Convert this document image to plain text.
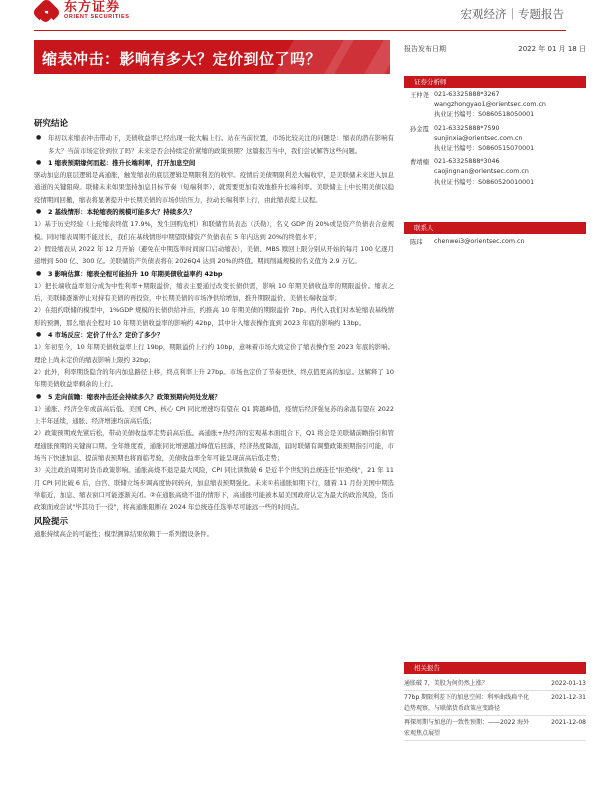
东方证券
ORIENT SECURITIES	宏观经济｜专题报告
缩表冲击：影响有多大？定价到位了吗？
报告发布日期	2022 年 01 月 18 日
证券分析师
王仲尧 021-63325888*3267
wangzhongyao1@orientsec.com.cn
执业证书编号：S0860518050001
孙金霞 021-63325888*7590
sunjinxia@orientsec.com.cn
执业证书编号：S0860515070001
曹靖楠 021-63325888*3046
caojingnan@orientsec.com.cn
执业证书编号：S0860520010001
联系人
陈玮	chenwei3@orientsec.com.cn
研究结论
●	年初以来缩表冲击带动下，美债收益率已经出现一轮大幅上行。站在当前位置，市场比较关注的问题是：缩表的潜在影响有多大？当前市场定价到位了吗？未来是否会持续定价紧缩的政策预期？这篇报告当中，我们尝试解答这些问题。
●	1 缩表预期缘何而起：推升长端利率，打开加息空间
驱动加息的底层逻辑是高通胀，触发缩表的底层逻辑是期限利差的收窄。疫情后美债期限利差大幅收窄，是美联储未来进入加息通道的关键阻碍。联储未来如果坚持加息目标节奏（短端利率），就需要更加有效地推升长端利率。美联储主上中长期美债以稳疫情期间回撤，缩表将显著提升中长期美债的市场供给压力，拉动长端利率上行，由此缩表提上议程。
●	2 基线情形：本轮缩表的规模可能多大？持续多久？
1）基于历史经验（上轮缩表终值 17.9%，发生回购危机）和联储官员表态（沃勒），名义 GDP 的 20%或是资产负债表合意规模。同时缩表周期不能过长，我们在基线情形中期望联储资产负债表在 5 年内达到 20%的终值水平；
2）假设缩表从 2022 年 12 月开始（避免在中期选举时间窗口启动缩表），美债、MBS 赎回上限分别从开始的每月 100 亿逐月递增到 500 亿、300 亿。美联储资产负债表将在 2026Q4 达到 20%的终值。期间削减规模的名义值为 2.9 万亿。
●	3 影响估算：缩表全程可能抬升 10 年期美债收益率约 42bp
1）把长端收益率划分成为中性利率+期限溢价，缩表主要通过改变长债供需，影响 10 年期美债收益率的期限溢价。缩表之后，美联储逐渐停止对持有美债的再投资，中长期美债的市场净供给增加，推升期限溢价、美债长端收益率；
2）在组约联储的模型中，1%GDP 规模的长债供给冲击，约推高 10 年期美债的期限溢价 7bp。再代入我们对本轮缩表基线情形的预测，那么缩表全程对 10 年期美债收益率的影响约 42bp，其中计入缩表操作直到 2023 年底的影响约 13bp。
●	4 市场反应：定价了什么？定价了多少？
1）年初至今，10 年期美债收益率上行 19bp，期限溢价上行约 10bp，意味着市场大致定价了缩表操作至 2023 年底的影响。理论上尚未定价的缩表影响上限约 32bp；
2）此外，利率期货隐含的年内加息路径上移，终点利率上升 27bp。市场也定价了节奏更快、终点值更高的加息。这解释了 10 年期美债收益率剩余的上行。
●	5 走向前瞻：缩表冲击还会持续多久？政策预期向何处发展？
1）通胀、经济全年或前高后低。美国 CPI、核心 CPI 同比增速均有望在 Q1 跨越峰值，疫情后经济强复苏的余温有望在 2022 上半年延续，通胀、经济增速均前高后低；
2）政策预期或先紧后松，带动美债收益率走势前高后低。高通胀+热经济的宏观基本面组合下，Q1 将会是美联储前瞻指引和管理通胀预期的关键窗口期。全年维度看，通胀同比增速越过峰值后回落，经济热度降温，届时联储有调整政策预期指引可能，市场当下快速加息、提前缩表预期也将面临考验，美债收益率全年可能呈现前高后低走势；
3）关注政治周期对货币政策影响。通胀高烧不退是最大风险，CPI 同比读数破 6 是近半个世纪的总统连任"拒绝线"，21 年 11 月 CPI 同比破 6 后，白宫、联储立场步调高度协同转向，加息缩表预期强化。未来①若通胀如期下行，随着 11 月份美国中期选举临近，加息、缩表窗口可能逐渐关闭。②在通胀高烧不退的情形下，高通胀可能被本届美国政府认定为最大的政治风险，货币政策面或尝试"毕其功于一役"，将高通胀阻断在 2024 年总统连任选举尽可能远一些的时间点。
风险提示
通胀持续高企的可能性；模型测算结果依赖于一系列假设条件。
相关报告
通胀破 7，美股为何仍然上涨？	2022-01-13
77bp 期限利差下的加息空间：利率曲线扁平化趋势观察，与联储货币政策应变路径
2021-12-31
再探周期与加息的一致性预期：——2022 海外宏观焦点展望
2021-12-08
